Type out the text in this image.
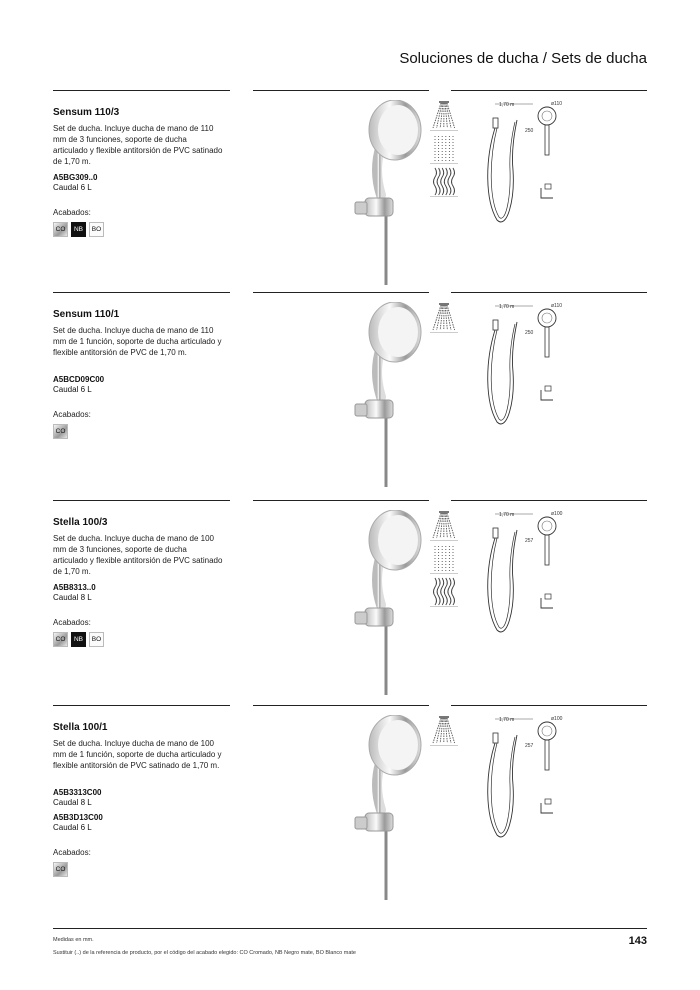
Soluciones de ducha / Sets de ducha
Sensum 110/3
Set de ducha. Incluye ducha de mano de 110 mm de 3 funciones, soporte de ducha articulado y flexible antitorsión de PVC satinado de 1,70 m.
A5BG309..0
Caudal 6 L
Acabados:
CO	NB	BO
1,70 m	ø110
250
Sensum 110/1
Set de ducha. Incluye ducha de mano de 110 mm de 1 función, soporte de ducha articulado y flexible antitorsión de PVC de 1,70 m.
A5BCD09C00
Caudal 6 L
Acabados:
CO
1,70 m	ø110
250
Stella 100/3
Set de ducha. Incluye ducha de mano de 100 mm de 3 funciones, soporte de ducha articulado y flexible antitorsión de PVC satinado de 1,70 m.
A5B8313..0
Caudal 8 L
Acabados:
CO	NB	BO
1,70 m	ø100
257
Stella 100/1
Set de ducha. Incluye ducha de mano de 100 mm de 1 función, soporte de ducha articulado y flexible antitorsión de PVC satinado de 1,70 m.
A5B3313C00
Caudal 8 L
A5B3D13C00
Caudal 6 L
Acabados:
CO
1,70 m	ø100
257
Medidas en mm.
Sustituir (..) de la referencia de producto, por el código del acabado elegido: CO Cromado, NB Negro mate, BO Blanco mate
143
